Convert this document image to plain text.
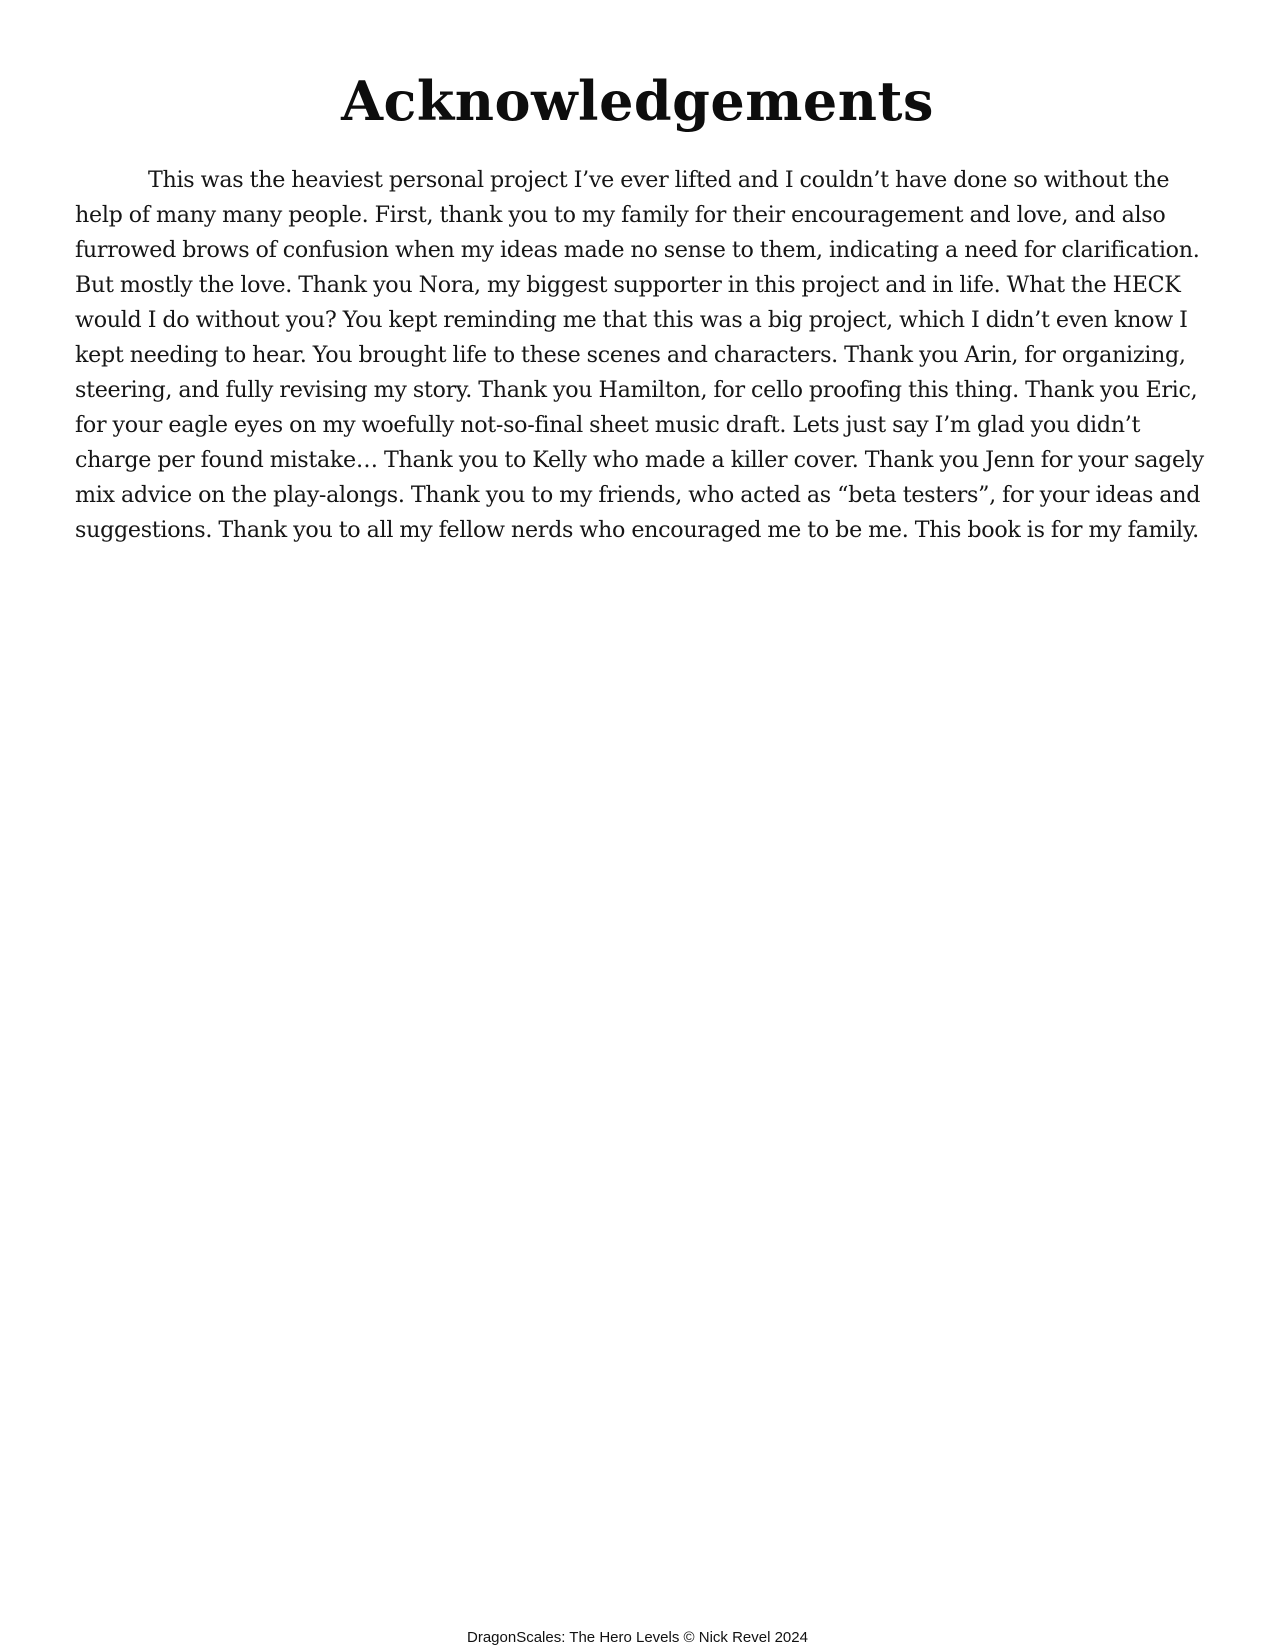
Acknowledgements

This was the heaviest personal project I’ve ever lifted and I couldn’t have done so without the help of many many people. First, thank you to my family for their encouragement and love, and also furrowed brows of confusion when my ideas made no sense to them, indicating a need for clarification. But mostly the love. Thank you Nora, my biggest supporter in this project and in life. What the HECK would I do without you? You kept reminding me that this was a big project, which I didn’t even know I kept needing to hear. You brought life to these scenes and characters. Thank you Arin, for organizing, steering, and fully revising my story. Thank you Hamilton, for cello proofing this thing. Thank you Eric, for your eagle eyes on my woefully not-so-final sheet music draft. Lets just say I’m glad you didn’t charge per found mistake… Thank you to Kelly who made a killer cover. Thank you Jenn for your sagely mix advice on the play-alongs. Thank you to my friends, who acted as “beta testers”, for your ideas and suggestions. Thank you to all my fellow nerds who encouraged me to be me. This book is for my family.

DragonScales: The Hero Levels © Nick Revel 2024
